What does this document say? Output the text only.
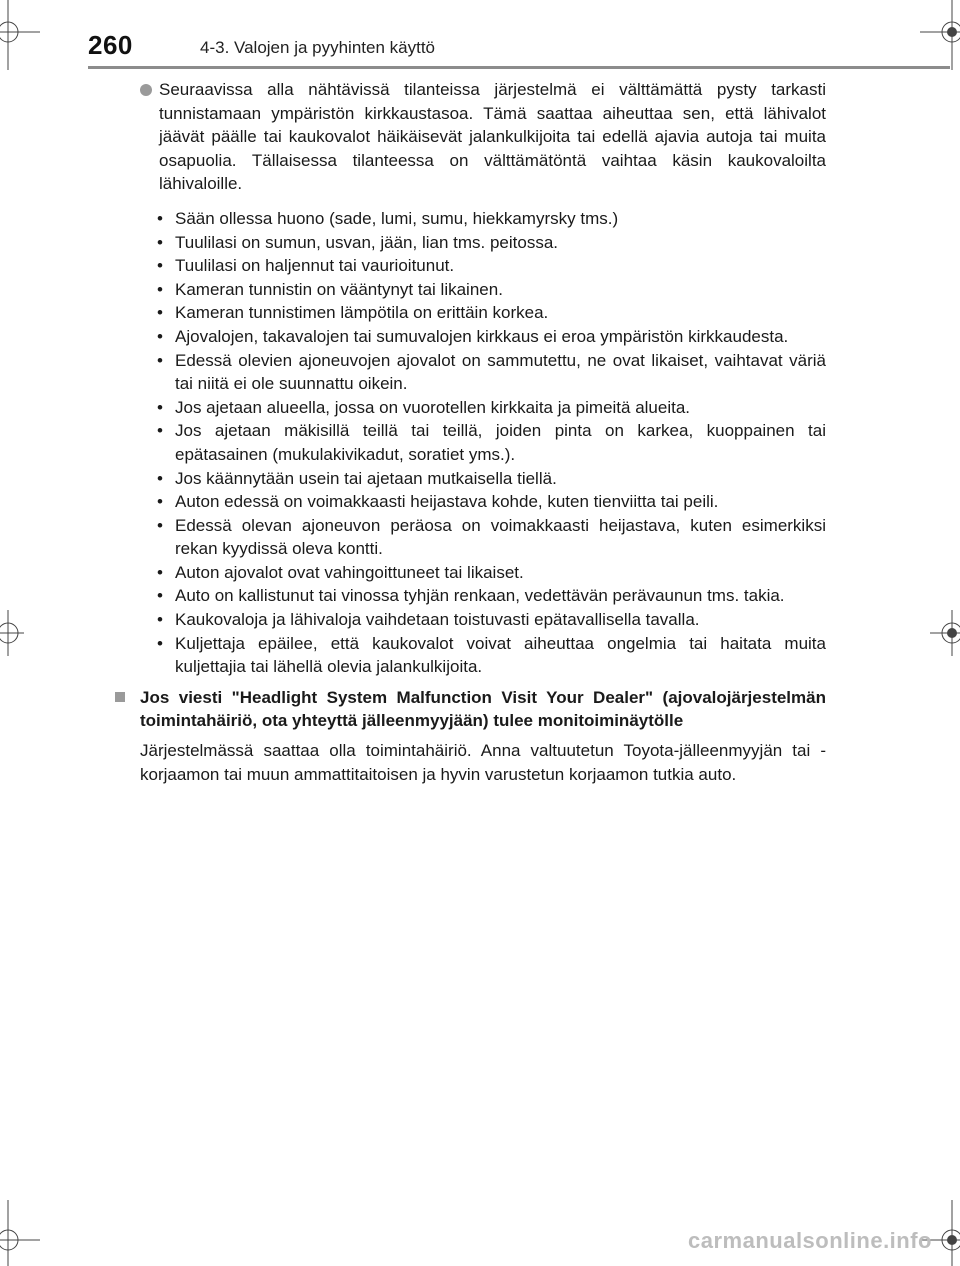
260	4-3. Valojen ja pyyhinten käyttö
Seuraavissa alla nähtävissä tilanteissa järjestelmä ei välttämättä pysty tarkasti tunnistamaan ympäristön kirkkaustasoa. Tämä saattaa aiheuttaa sen, että lähivalot jäävät päälle tai kaukovalot häikäisevät jalankulkijoita tai edellä ajavia autoja tai muita osapuolia. Tällaisessa tilanteessa on välttämätöntä vaihtaa käsin kaukovaloilta lähivaloille.
• Sään ollessa huono (sade, lumi, sumu, hiekkamyrsky tms.)
• Tuulilasi on sumun, usvan, jään, lian tms. peitossa.
• Tuulilasi on haljennut tai vaurioitunut.
• Kameran tunnistin on vääntynyt tai likainen.
• Kameran tunnistimen lämpötila on erittäin korkea.
• Ajovalojen, takavalojen tai sumuvalojen kirkkaus ei eroa ympäristön kirkkaudesta.
• Edessä olevien ajoneuvojen ajovalot on sammutettu, ne ovat likaiset, vaihtavat väriä tai niitä ei ole suunnattu oikein.
• Jos ajetaan alueella, jossa on vuorotellen kirkkaita ja pimeitä alueita.
• Jos ajetaan mäkisillä teillä tai teillä, joiden pinta on karkea, kuoppainen tai epätasainen (mukulakivikadut, soratiet yms.).
• Jos käännytään usein tai ajetaan mutkaisella tiellä.
• Auton edessä on voimakkaasti heijastava kohde, kuten tienviitta tai peili.
• Edessä olevan ajoneuvon peräosa on voimakkaasti heijastava, kuten esimerkiksi rekan kyydissä oleva kontti.
• Auton ajovalot ovat vahingoittuneet tai likaiset.
• Auto on kallistunut tai vinossa tyhjän renkaan, vedettävän perävaunun tms. takia.
• Kaukovaloja ja lähivaloja vaihdetaan toistuvasti epätavallisella tavalla.
• Kuljettaja epäilee, että kaukovalot voivat aiheuttaa ongelmia tai haitata muita kuljettajia tai lähellä olevia jalankulkijoita.
Jos viesti "Headlight System Malfunction Visit Your Dealer" (ajovalojärjestelmän toimintahäiriö, ota yhteyttä jälleenmyyjään) tulee monitoiminäytölle

Järjestelmässä saattaa olla toimintahäiriö. Anna valtuutetun Toyota-jälleenmyyjän tai -korjaamon tai muun ammattitaitoisen ja hyvin varustetun korjaamon tutkia auto.

carmanualsonline.info
